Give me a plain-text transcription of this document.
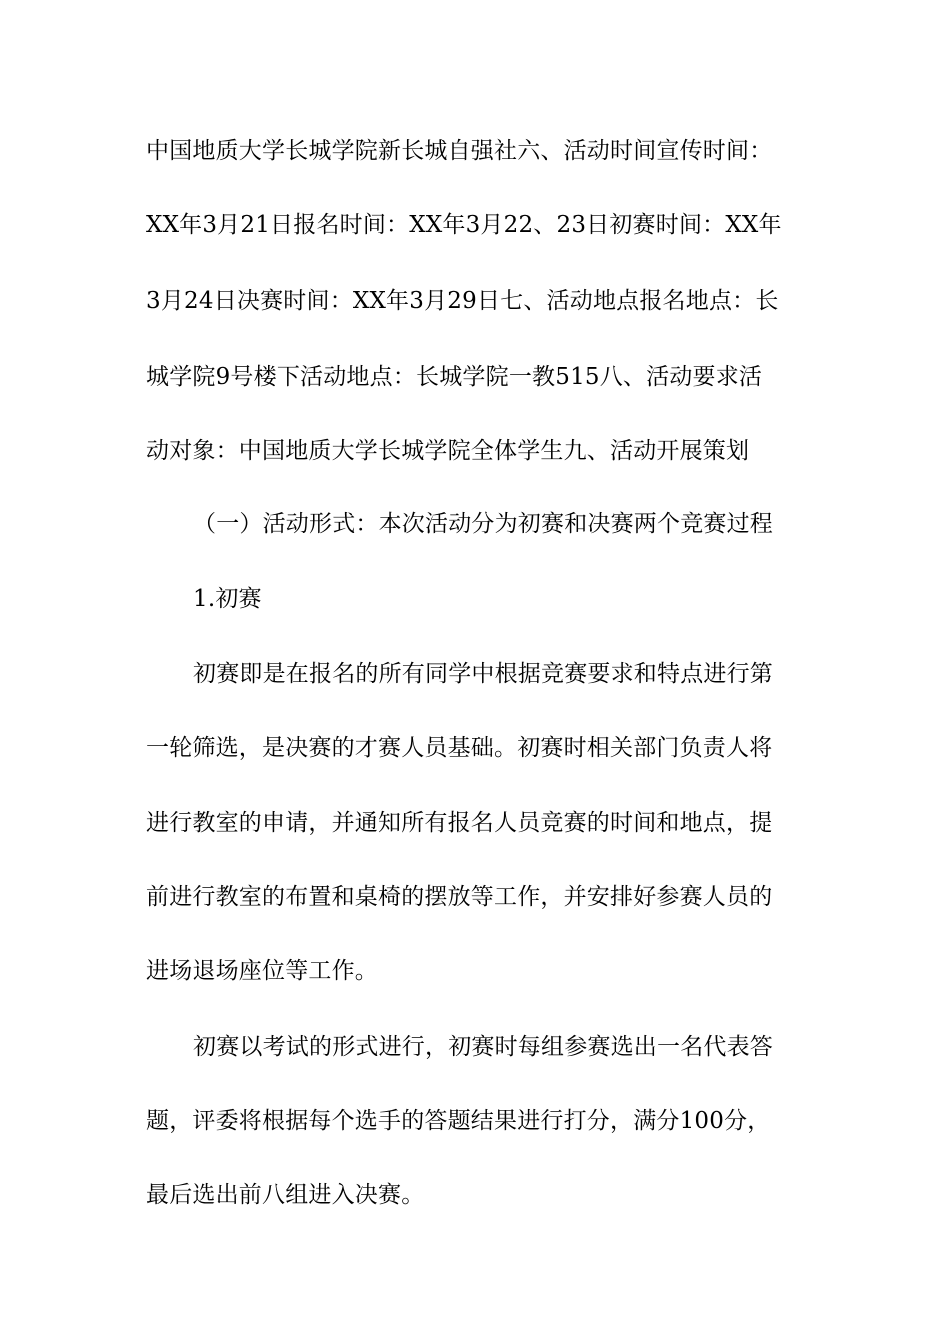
中国地质大学长城学院新长城自强社六、活动时间宣传时间：
XX年3月21日报名时间：XX年3月22、23日初赛时间：XX年
3月24日决赛时间：XX年3月29日七、活动地点报名地点：长
城学院9号楼下活动地点：长城学院一教515八、活动要求活
动对象：中国地质大学长城学院全体学生九、活动开展策划
（一）活动形式：本次活动分为初赛和决赛两个竞赛过程
1.初赛
初赛即是在报名的所有同学中根据竞赛要求和特点进行第
一轮筛选，是决赛的才赛人员基础。初赛时相关部门负责人将
进行教室的申请，并通知所有报名人员竞赛的时间和地点，提
前进行教室的布置和桌椅的摆放等工作，并安排好参赛人员的
进场退场座位等工作。
初赛以考试的形式进行，初赛时每组参赛选出一名代表答
题，评委将根据每个选手的答题结果进行打分，满分100分，
最后选出前八组进入决赛。
